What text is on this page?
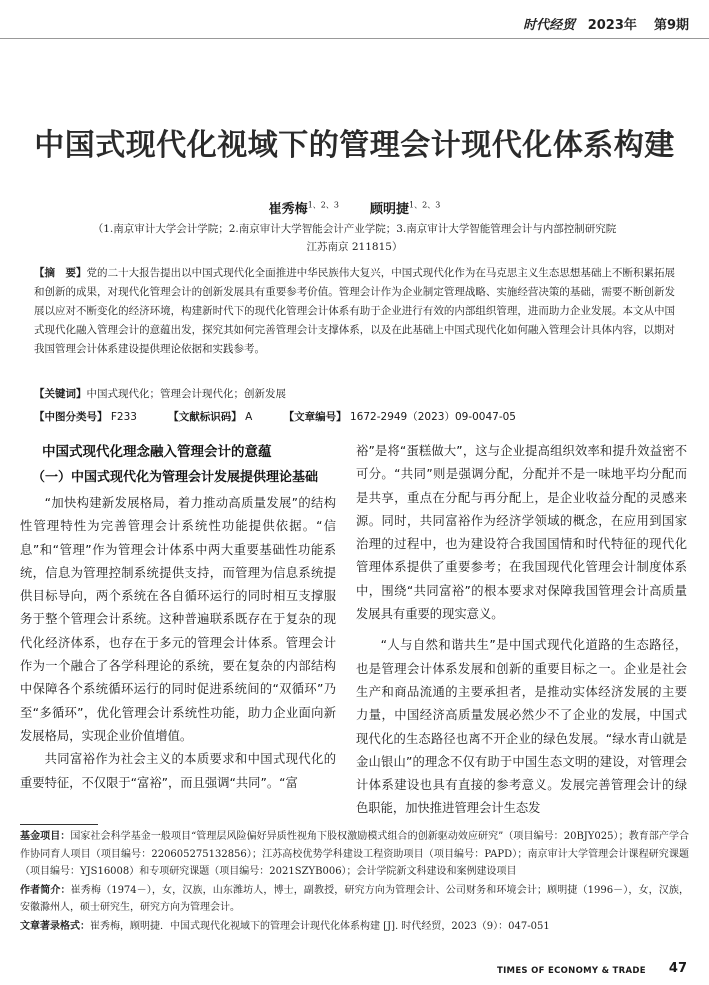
时代经贸 2023年 第9期
中国式现代化视域下的管理会计现代化体系构建
崔秀梅$^{1、2、3}$ 顾明捷$^{1、2、3}$
（1.南京审计大学会计学院；2.南京审计大学智能会计产业学院；3.南京审计大学智能管理会计与内部控制研究院
江苏南京 211815）
【摘　要】党的二十大报告提出以中国式现代化全面推进中华民族伟大复兴，中国式现代化作为在马克思主义生态思想基础上不断积累拓展和创新的成果，对现代化管理会计的创新发展具有重要参考价值。管理会计作为企业制定管理战略、实施经营决策的基础，需要不断创新发展以应对不断变化的经济环境，构建新时代下的现代化管理会计体系有助于企业进行有效的内部组织管理，进而助力企业发展。本文从中国式现代化融入管理会计的意蕴出发，探究其如何完善管理会计支撑体系，以及在此基础上中国式现代化如何融入管理会计具体内容，以期对我国管理会计体系建设提供理论依据和实践参考。
【关键词】中国式现代化；管理会计现代化；创新发展
【中图分类号】 F233	【文献标识码】 A	【文章编号】 1672-2949（2023）09-0047-05
中国式现代化理念融入管理会计的意蕴
（一）中国式现代化为管理会计发展提供理论基础

“加快构建新发展格局，着力推动高质量发展”的结构性管理特性为完善管理会计系统性功能提供依据。“信息”和“管理”作为管理会计体系中两大重要基础性功能系统，信息为管理控制系统提供支持，而管理为信息系统提供目标导向，两个系统在各自循环运行的同时相互支撑服务于整个管理会计系统。这种普遍联系既存在于复杂的现代化经济体系，也存在于多元的管理会计体系。管理会计作为一个融合了各学科理论的系统，要在复杂的内部结构中保障各个系统循环运行的同时促进系统间的“双循环”乃至“多循环”，优化管理会计系统性功能，助力企业面向新发展格局，实现企业价值增值。

共同富裕作为社会主义的本质要求和中国式现代化的重要特征，不仅限于“富裕”，而且强调“共同”。“富

裕”是将“蛋糕做大”，这与企业提高组织效率和提升效益密不可分。“共同”则是强调分配，分配并不是一味地平均分配而是共享，重点在分配与再分配上，是企业收益分配的灵感来源。同时，共同富裕作为经济学领域的概念，在应用到国家治理的过程中，也为建设符合我国国情和时代特征的现代化管理体系提供了重要参考；在我国现代化管理会计制度体系中，围绕“共同富裕”的根本要求对保障我国管理会计高质量发展具有重要的现实意义。

“人与自然和谐共生”是中国式现代化道路的生态路径，也是管理会计体系发展和创新的重要目标之一。企业是社会生产和商品流通的主要承担者，是推动实体经济发展的主要力量，中国经济高质量发展必然少不了企业的发展，中国式现代化的生态路径也离不开企业的绿色发展。“绿水青山就是金山银山”的理念不仅有助于中国生态文明的建设，对管理会计体系建设也具有直接的参考意义。发展完善管理会计的绿色职能，加快推进管理会计生态发

基金项目：国家社会科学基金一般项目“管理层风险偏好异质性视角下股权激励模式组合的创新驱动效应研究”（项目编号：20BJY025）；教育部产学合作协同育人项目（项目编号：220605275132856）；江苏高校优势学科建设工程资助项目（项目编号：PAPD）；南京审计大学管理会计课程研究课题（项目编号：YJS16008）和专项研究课题（项目编号：2021SZYB006）；会计学院新文科建设和案例建设项目

作者简介：崔秀梅（1974－），女，汉族，山东潍坊人，博士，副教授，研究方向为管理会计、公司财务和环境会计；顾明捷（1996－），女，汉族，安徽滁州人，硕士研究生，研究方向为管理会计。

文章著录格式：崔秀梅，顾明捷．中国式现代化视域下的管理会计现代化体系构建 [J]. 时代经贸，2023（9）：047-051

TIMES OF ECONOMY & TRADE 47
